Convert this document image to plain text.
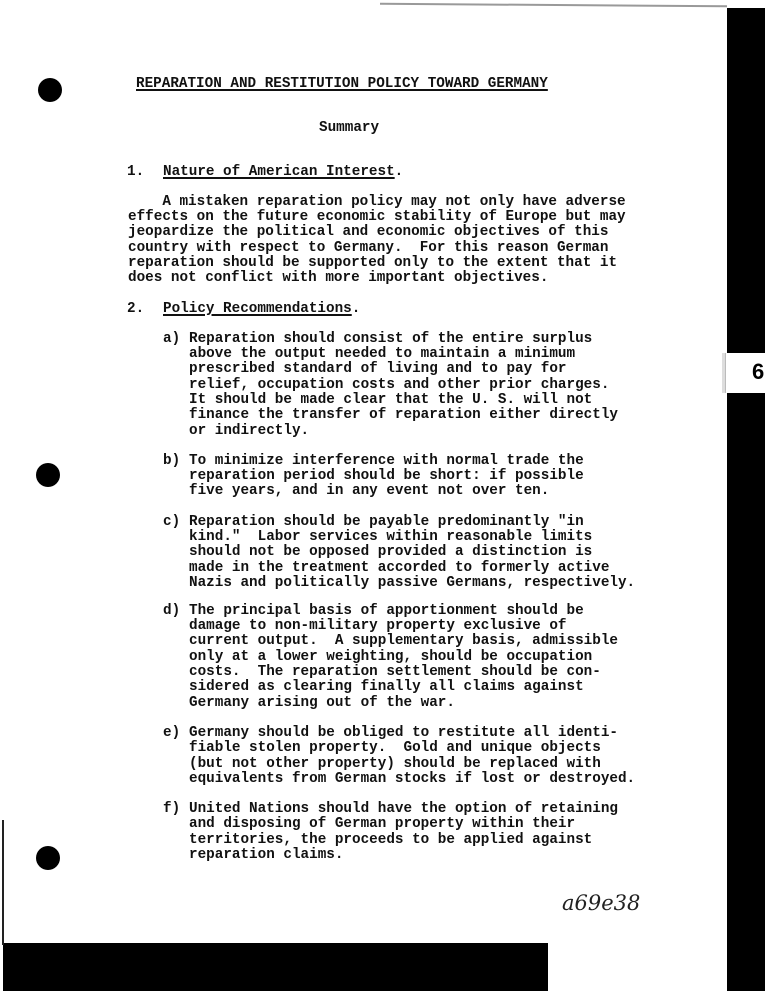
6
REPARATION AND RESTITUTION POLICY TOWARD GERMANY
Summary
1. Nature of American Interest.
A mistaken reparation policy may not only have adverse
effects on the future economic stability of Europe but may
jeopardize the political and economic objectives of this
country with respect to Germany.  For this reason German
reparation should be supported only to the extent that it
does not conflict with more important objectives.
2. Policy Recommendations.
a) Reparation should consist of the entire surplus
above the output needed to maintain a minimum
prescribed standard of living and to pay for
relief, occupation costs and other prior charges.
It should be made clear that the U. S. will not
finance the transfer of reparation either directly
or indirectly.
b) To minimize interference with normal trade the
reparation period should be short: if possible
five years, and in any event not over ten.
c) Reparation should be payable predominantly "in
kind."  Labor services within reasonable limits
should not be opposed provided a distinction is
made in the treatment accorded to formerly active
Nazis and politically passive Germans, respectively.
d) The principal basis of apportionment should be
damage to non-military property exclusive of
current output.  A supplementary basis, admissible
only at a lower weighting, should be occupation
costs.  The reparation settlement should be con-
sidered as clearing finally all claims against
Germany arising out of the war.
e) Germany should be obliged to restitute all identi-
fiable stolen property.  Gold and unique objects
(but not other property) should be replaced with
equivalents from German stocks if lost or destroyed.
f) United Nations should have the option of retaining
and disposing of German property within their
territories, the proceeds to be applied against
reparation claims.
a69e38
